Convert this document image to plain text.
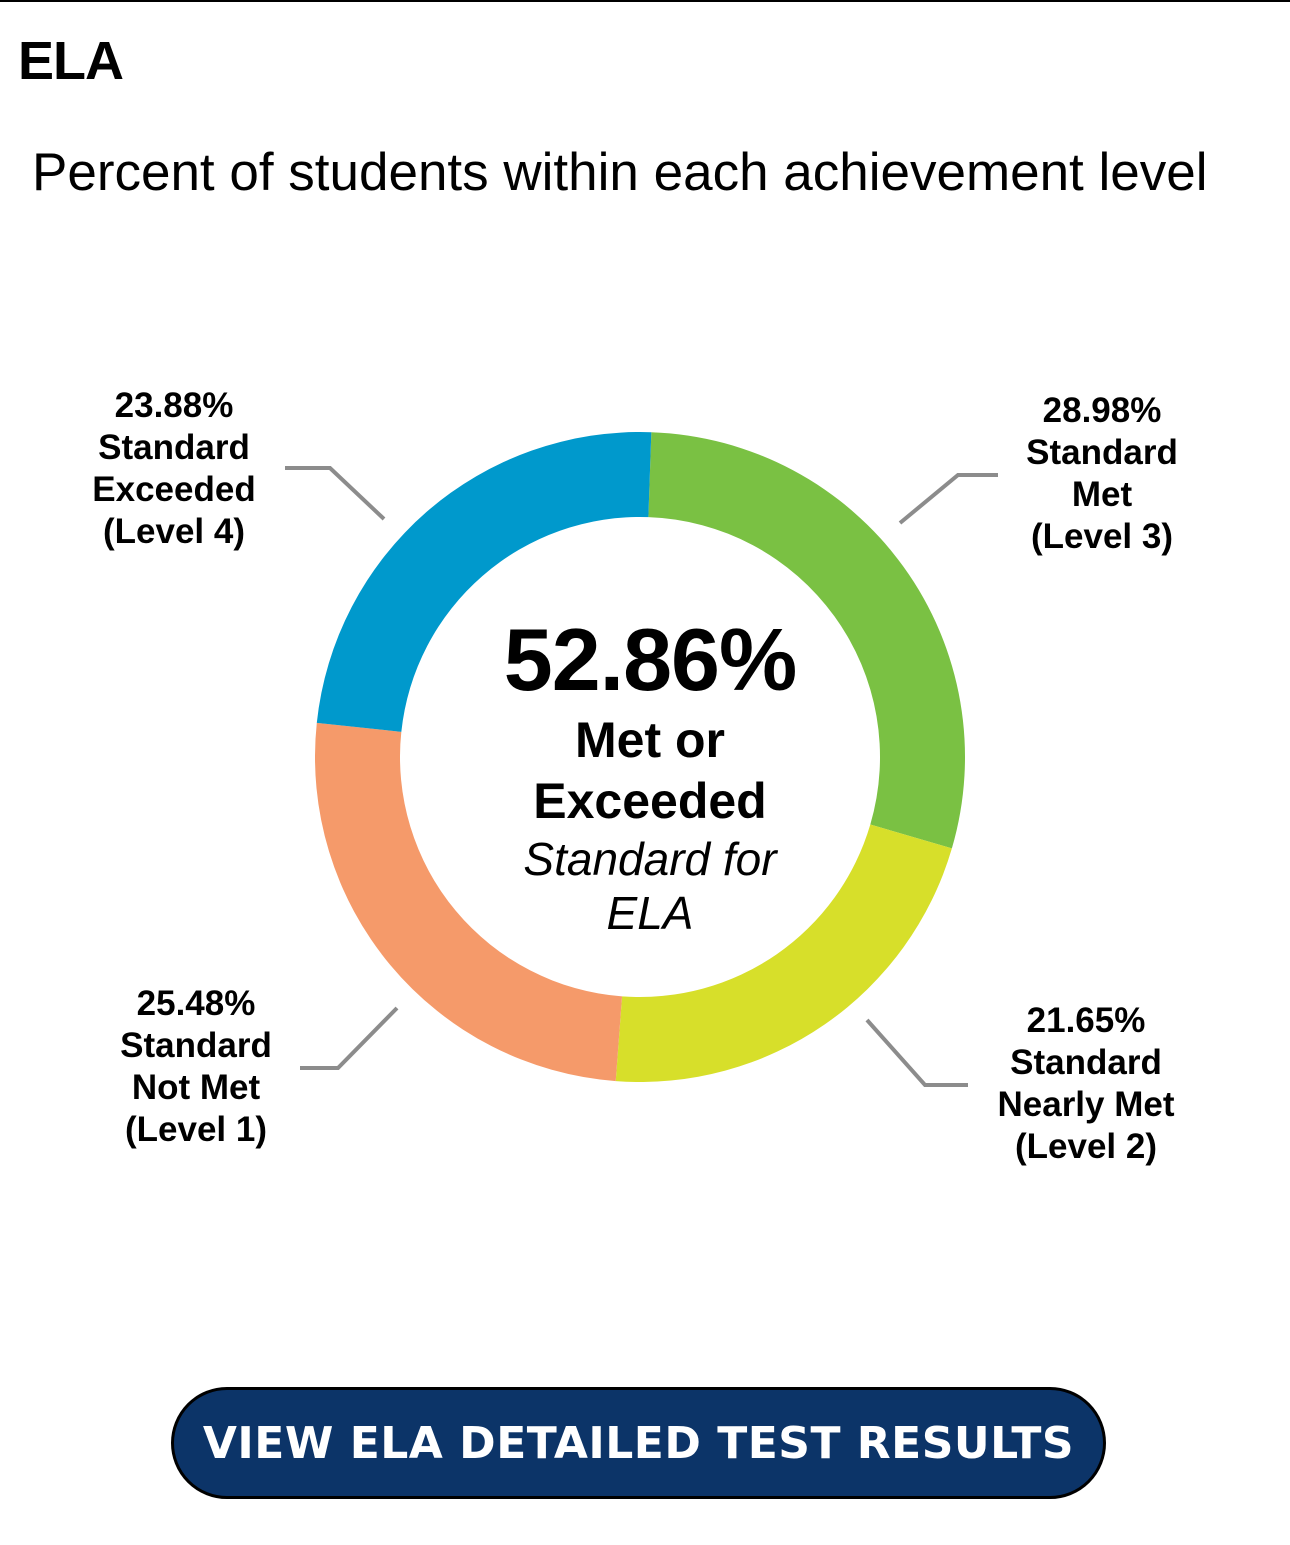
ELA
Percent of students within each achievement level
28.98%
Standard
Met
(Level 3)
21.65%
Standard
Nearly Met
(Level 2)
25.48%
Standard
Not Met
(Level 1)
23.88%
Standard
Exceeded
(Level 4)
52.86%
Met or
Exceeded
Standard for
ELA
VIEW ELA DETAILED TEST RESULTS
